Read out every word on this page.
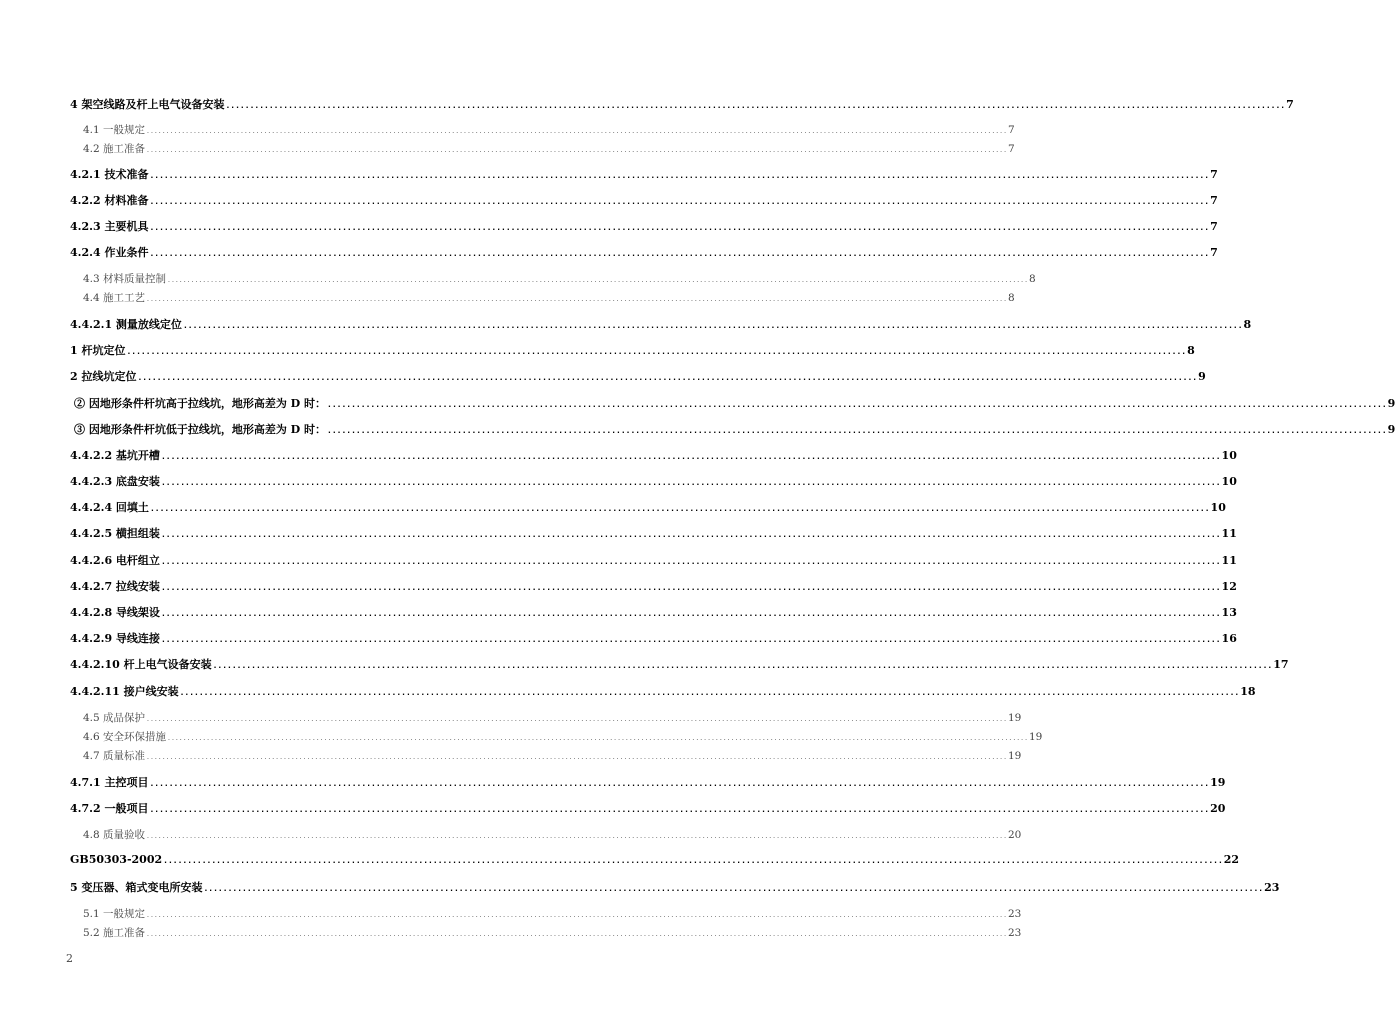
4 架空线路及杆上电气设备安装 ............................................................................................................................................................................................................................ 7
4.1 一般规定 ............................................................................................................................................................................................................................ 7
4.2 施工准备 ............................................................................................................................................................................................................................ 7
4.2.1 技术准备 ............................................................................................................................................................................................................................ 7
4.2.2 材料准备 ............................................................................................................................................................................................................................ 7
4.2.3 主要机具 ............................................................................................................................................................................................................................ 7
4.2.4 作业条件 ............................................................................................................................................................................................................................ 7
4.3 材料质量控制 ............................................................................................................................................................................................................................ 8
4.4 施工工艺 ............................................................................................................................................................................................................................ 8
4.4.2.1 测量放线定位 ............................................................................................................................................................................................................................ 8
1 杆坑定位 ............................................................................................................................................................................................................................ 8
2 拉线坑定位 ............................................................................................................................................................................................................................ 9
② 因地形条件杆坑高于拉线坑，地形高差为 D 时： ............................................................................................................................................................................................................................ 9
③ 因地形条件杆坑低于拉线坑，地形高差为 D 时： ............................................................................................................................................................................................................................ 9
4.4.2.2 基坑开槽 ............................................................................................................................................................................................................................ 10
4.4.2.3 底盘安装 ............................................................................................................................................................................................................................ 10
4.4.2.4 回填土 ............................................................................................................................................................................................................................ 10
4.4.2.5 横担组装 ............................................................................................................................................................................................................................ 11
4.4.2.6 电杆组立 ............................................................................................................................................................................................................................ 11
4.4.2.7 拉线安装 ............................................................................................................................................................................................................................ 12
4.4.2.8 导线架设 ............................................................................................................................................................................................................................ 13
4.4.2.9 导线连接 ............................................................................................................................................................................................................................ 16
4.4.2.10 杆上电气设备安装 ............................................................................................................................................................................................................................ 17
4.4.2.11 接户线安装 ............................................................................................................................................................................................................................ 18
4.5 成品保护 ............................................................................................................................................................................................................................ 19
4.6 安全环保措施 ............................................................................................................................................................................................................................ 19
4.7 质量标准 ............................................................................................................................................................................................................................ 19
4.7.1 主控项目 ............................................................................................................................................................................................................................ 19
4.7.2 一般项目 ............................................................................................................................................................................................................................ 20
4.8 质量验收 ............................................................................................................................................................................................................................ 20
GB50303-2002 ............................................................................................................................................................................................................................ 22
5 变压器、箱式变电所安装 ............................................................................................................................................................................................................................ 23
5.1 一般规定 ............................................................................................................................................................................................................................ 23
5.2 施工准备 ............................................................................................................................................................................................................................ 23
2
